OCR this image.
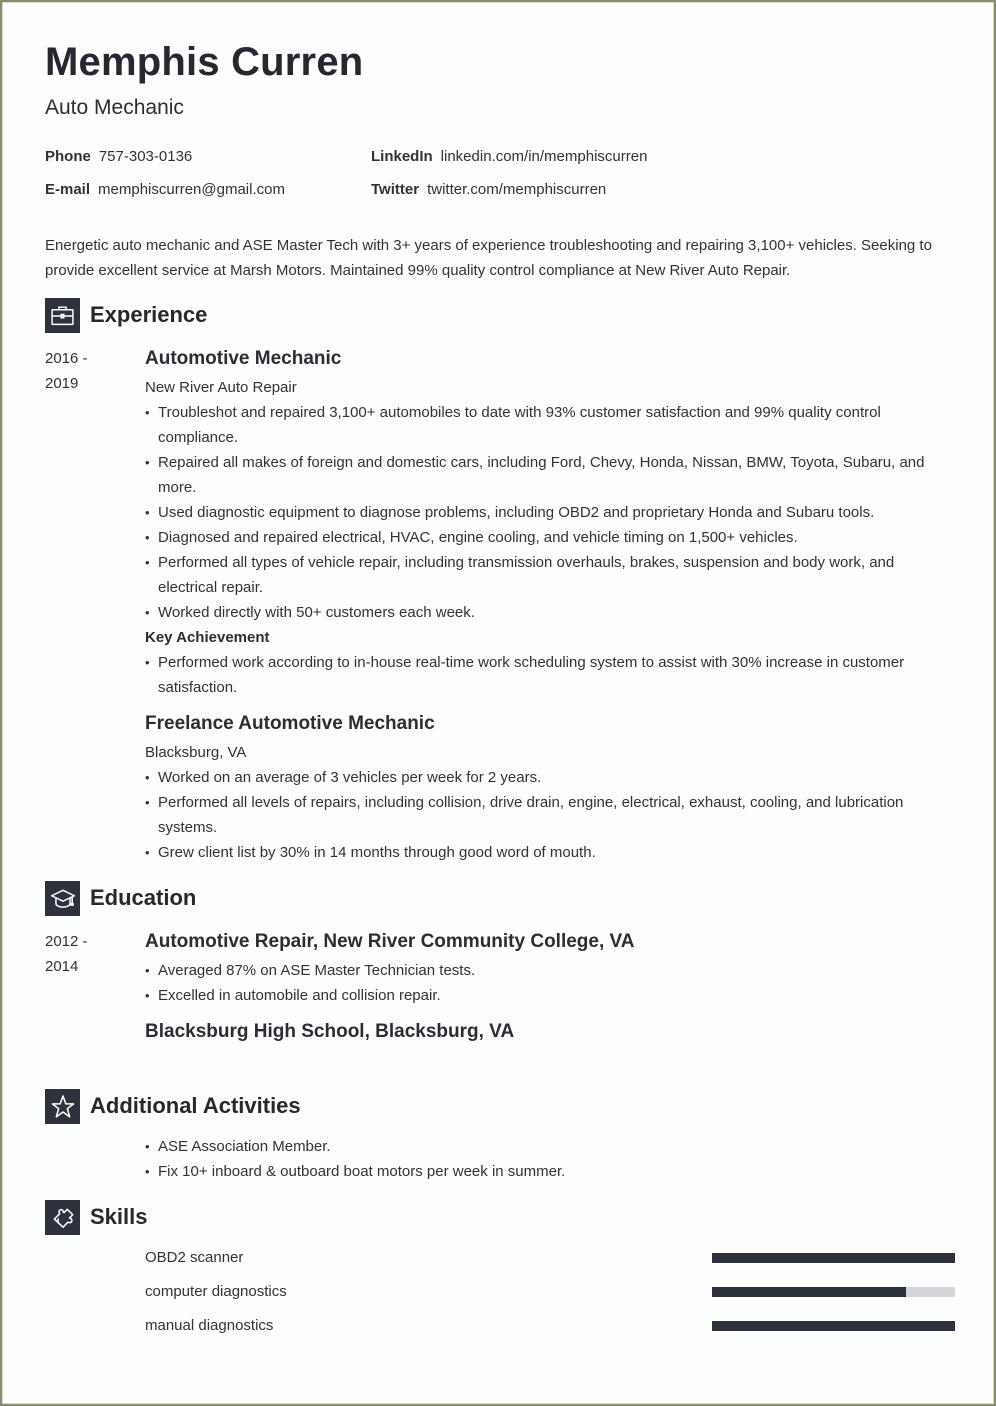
Memphis Curren
Auto Mechanic
Phone 757-303-0136
E-mail memphiscurren@gmail.com
LinkedIn linkedin.com/in/memphiscurren
Twitter twitter.com/memphiscurren
Energetic auto mechanic and ASE Master Tech with 3+ years of experience troubleshooting and repairing 3,100+ vehicles. Seeking to provide excellent service at Marsh Motors. Maintained 99% quality control compliance at New River Auto Repair.
Experience
2016 -
2019
Automotive Mechanic
New River Auto Repair
• Troubleshot and repaired 3,100+ automobiles to date with 93% customer satisfaction and 99% quality control compliance.
• Repaired all makes of foreign and domestic cars, including Ford, Chevy, Honda, Nissan, BMW, Toyota, Subaru, and more.
• Used diagnostic equipment to diagnose problems, including OBD2 and proprietary Honda and Subaru tools.
• Diagnosed and repaired electrical, HVAC, engine cooling, and vehicle timing on 1,500+ vehicles.
• Performed all types of vehicle repair, including transmission overhauls, brakes, suspension and body work, and electrical repair.
• Worked directly with 50+ customers each week.
Key Achievement
• Performed work according to in-house real-time work scheduling system to assist with 30% increase in customer satisfaction.
Freelance Automotive Mechanic
Blacksburg, VA
• Worked on an average of 3 vehicles per week for 2 years.
• Performed all levels of repairs, including collision, drive drain, engine, electrical, exhaust, cooling, and lubrication systems.
• Grew client list by 30% in 14 months through good word of mouth.
Education
2012 -
2014
Automotive Repair, New River Community College, VA
• Averaged 87% on ASE Master Technician tests.
• Excelled in automobile and collision repair.
Blacksburg High School, Blacksburg, VA
Additional Activities
• ASE Association Member.
• Fix 10+ inboard & outboard boat motors per week in summer.
Skills
OBD2 scanner
computer diagnostics
manual diagnostics
